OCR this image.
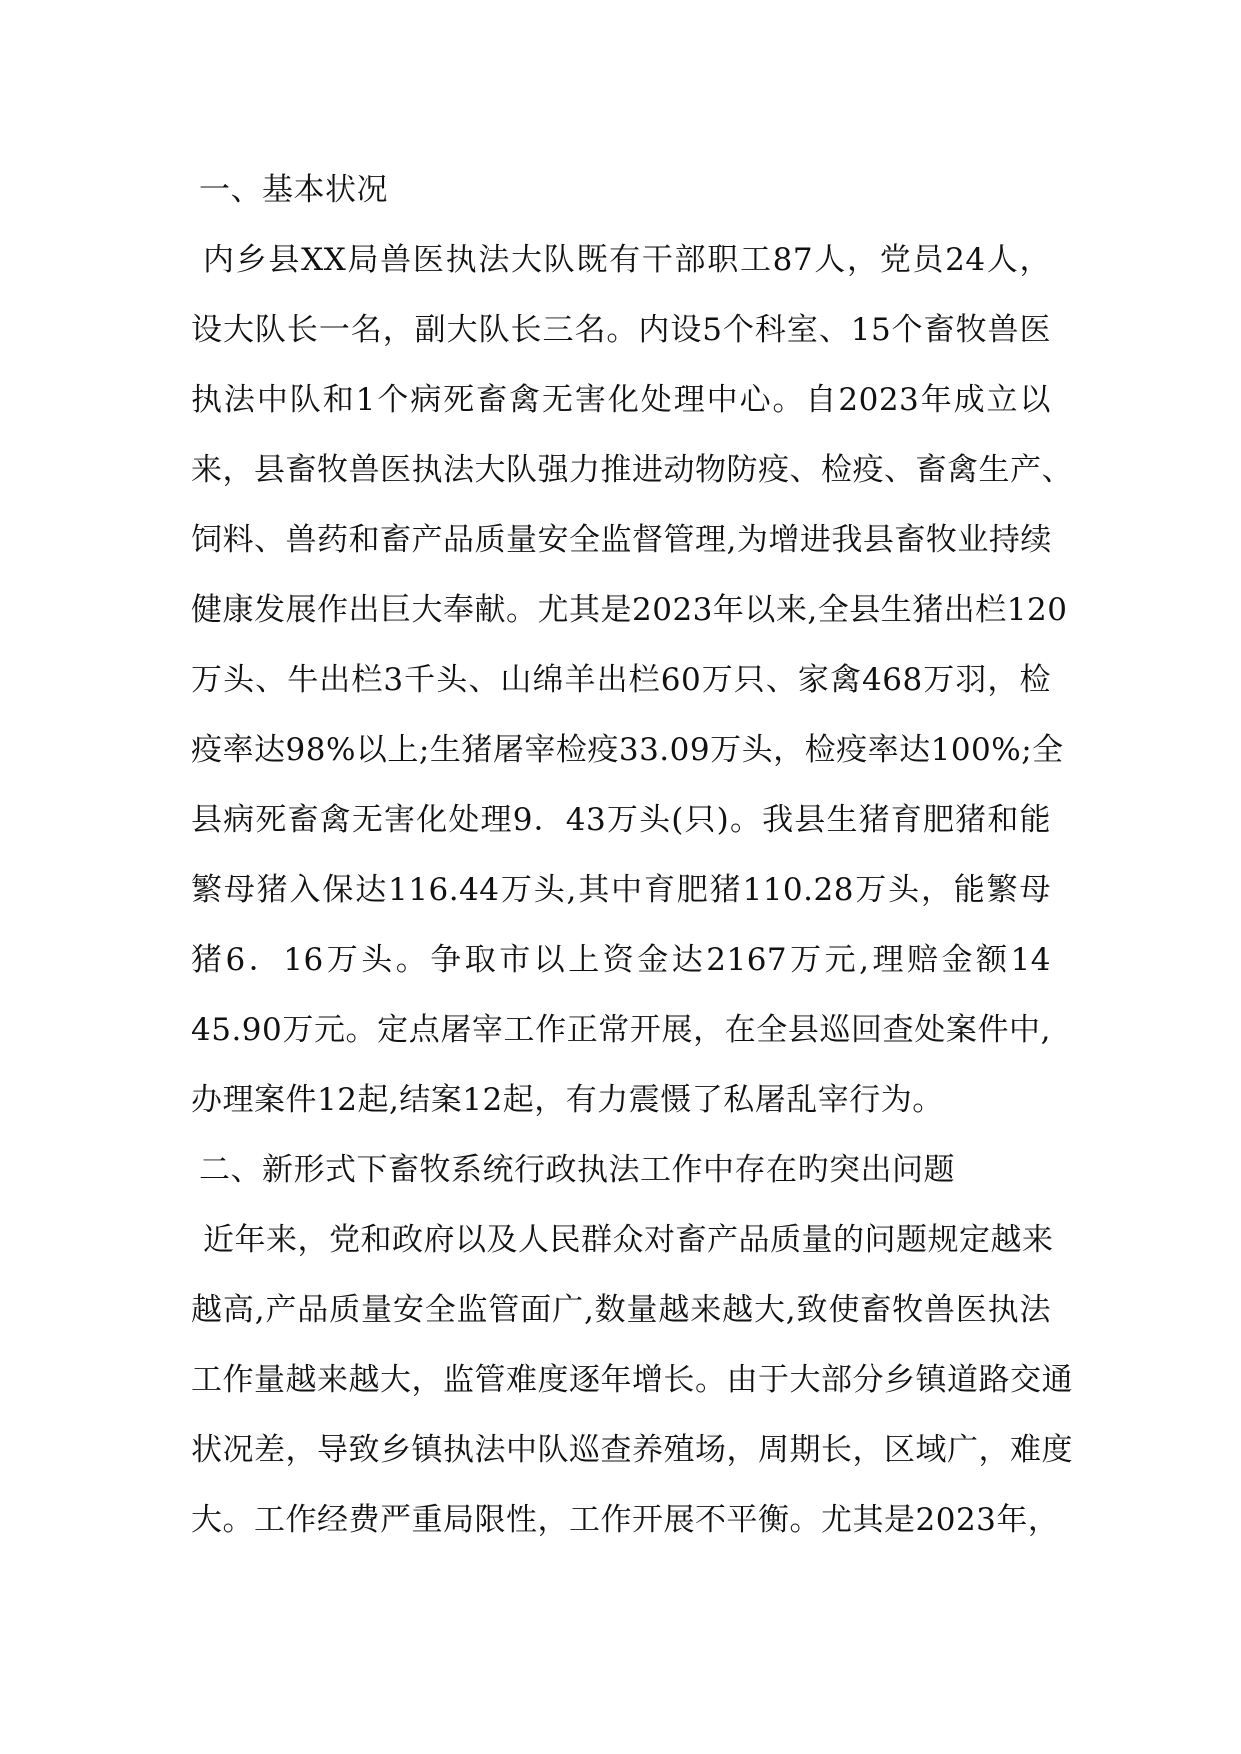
一、基本状况
内乡县XX局兽医执法大队既有干部职工87人，党员24人，
设大队长一名，副大队长三名。内设5个科室、15个畜牧兽医
执法中队和1个病死畜禽无害化处理中心。自2023年成立以
来，县畜牧兽医执法大队强力推进动物防疫、检疫、畜禽生产、
饲料、兽药和畜产品质量安全监督管理,为增进我县畜牧业持续
健康发展作出巨大奉献。尤其是2023年以来,全县生猪出栏120
万头、牛出栏3千头、山绵羊出栏60万只、家禽468万羽，检
疫率达98%以上;生猪屠宰检疫33.09万头，检疫率达100%;全
县病死畜禽无害化处理9．43万头(只)。我县生猪育肥猪和能
繁母猪入保达116.44万头,其中育肥猪110.28万头，能繁母
猪6．16万头。争取市以上资金达2167万元,理赔金额14
45.90万元。定点屠宰工作正常开展，在全县巡回查处案件中,
办理案件12起,结案12起，有力震慑了私屠乱宰行为。
二、新形式下畜牧系统行政执法工作中存在旳突出问题
近年来，党和政府以及人民群众对畜产品质量的问题规定越来
越高,产品质量安全监管面广,数量越来越大,致使畜牧兽医执法
工作量越来越大，监管难度逐年增长。由于大部分乡镇道路交通
状况差，导致乡镇执法中队巡查养殖场，周期长，区域广，难度
大。工作经费严重局限性，工作开展不平衡。尤其是2023年，
